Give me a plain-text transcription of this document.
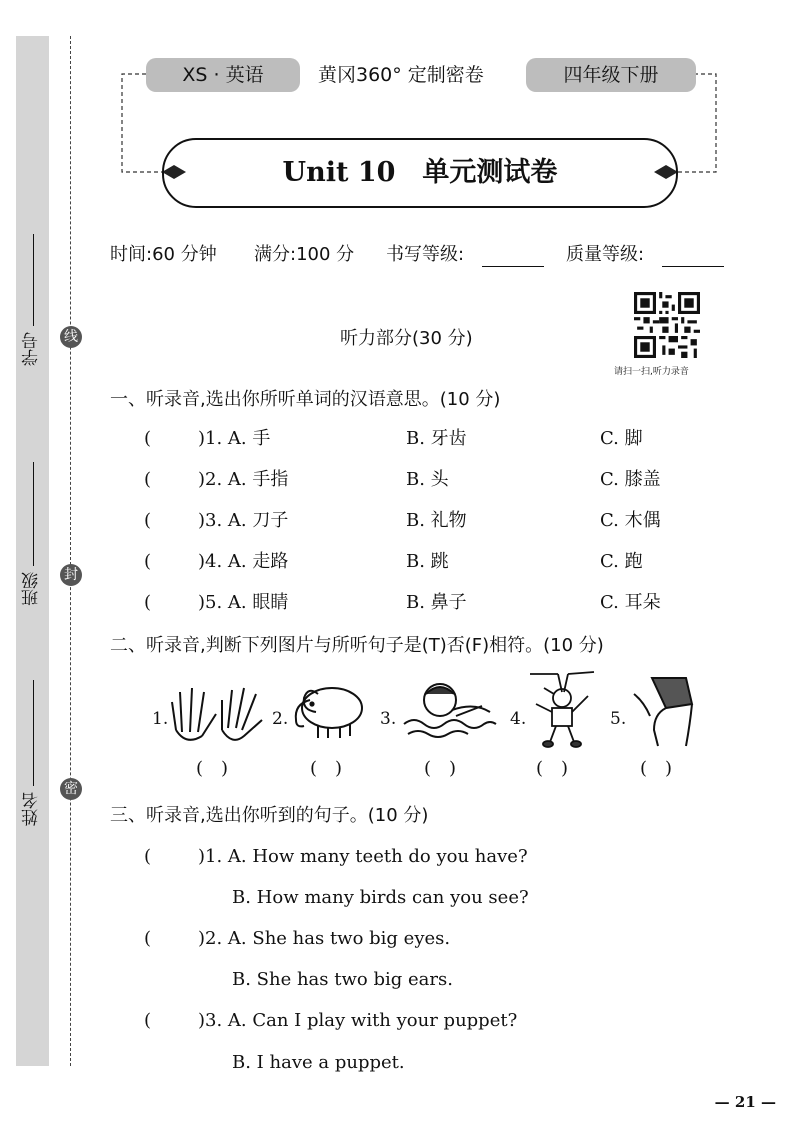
学号 线
班级 封
姓名
密
XS · 英语	黄冈360° 定制密卷	四年级下册
Unit 10　单元测试卷
时间:60 分钟 满分:100 分 书写等级:	质量等级:
听力部分(30 分)
请扫一扫,听力录音
一、听录音,选出你所听单词的汉语意思。(10 分)
(	)1. A. 手	B. 牙齿	C. 脚
(	)2. A. 手指	B. 头	C. 膝盖
(	)3. A. 刀子	B. 礼物	C. 木偶
(	)4. A. 走路	B. 跳	C. 跑
(	)5. A. 眼睛	B. 鼻子	C. 耳朵
二、听录音,判断下列图片与所听句子是(T)否(F)相符。(10 分)
1.	2.	3.	4.	5.
(　)	(　)	(　)	(　)	(　)
三、听录音,选出你听到的句子。(10 分)
(	)1. A. How many teeth do you have?
B. How many birds can you see?
(	)2. A. She has two big eyes.
B. She has two big ears.
(	)3. A. Can I play with your puppet?
B. I have a puppet.
— 21 —
